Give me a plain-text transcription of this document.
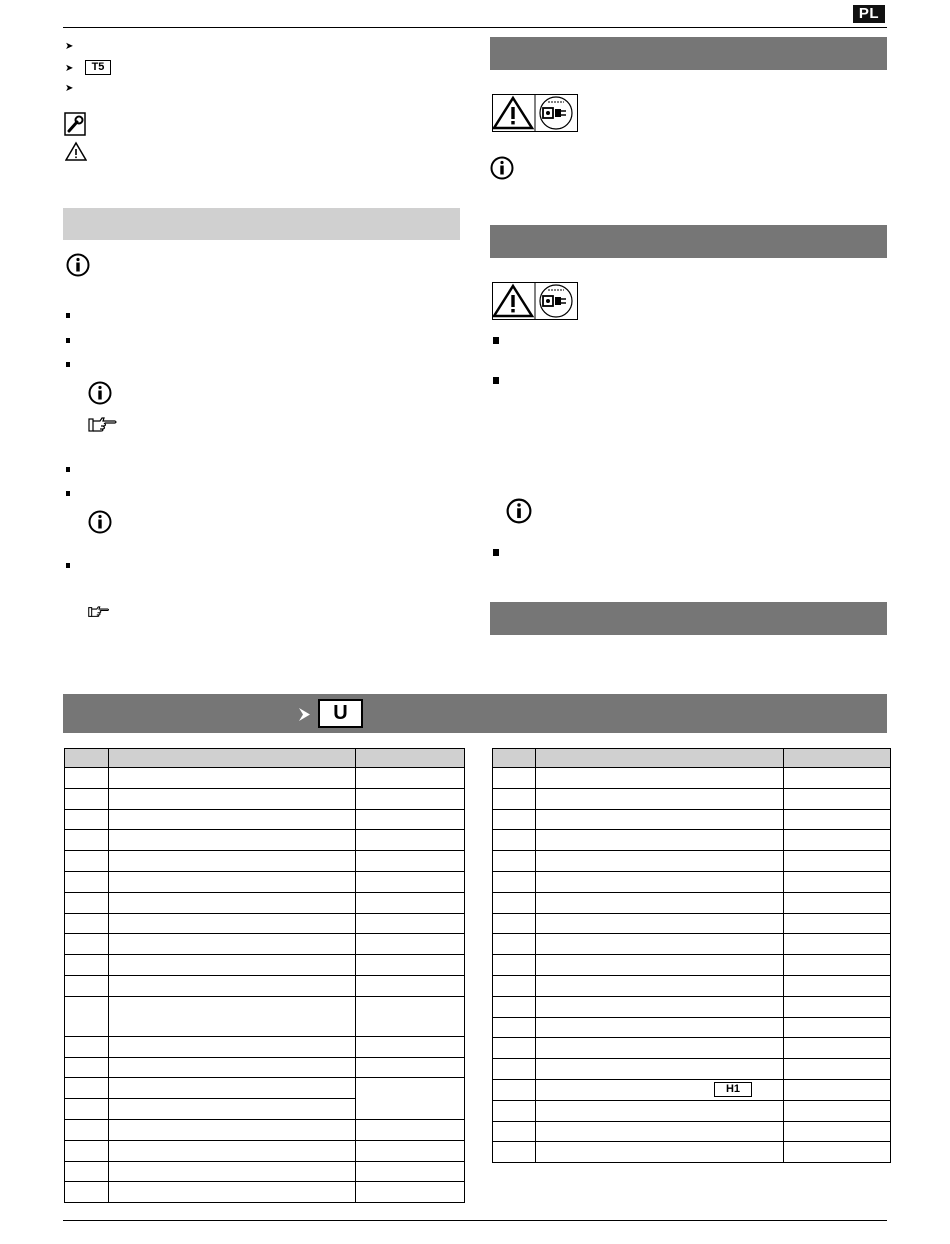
PL
➤
➤	T5
➤
U

	H1	
